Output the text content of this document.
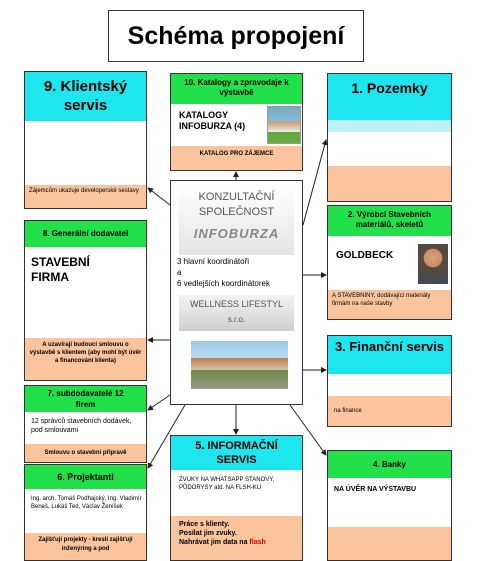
Schéma propojení
9. Klientský servis
Zájemcům ukazuje developerské sestavy
10. Katalogy a zpravodaje k výstavbě
KATALOGY INFOBURZA (4)
KATALOG PRO ZÁJEMCE
1. Pozemky
KONZULTAČNÍ
SPOLEČNOST
INFOBURZA
3 hlavní koordinátoři
a
6 vedlejších koordinátorek
WELLNESS LIFESTYL
s.r.o.
8. Generální dodavatel
STAVEBNÍ FIRMA
A uzavírají budoucí smlouvu o výstavbě s klientem (aby mohl být úvěr a financování klienta)
2. Výrobci Stavebních materiálů, skeletů
GOLDBECK
A STAVEBNINY, dodávající materiály firmám na naše stavby
7. subdodavatelé 12 firem
12 správců stavebních dodávek, pod smlouvami
Smlouvu o stavební přípravě
3. Finanční servis
na finance
6. Projektanti
Ing. arch. Tomáš Podhajský, Ing. Vladimír Beneš, Lukáš Ted, Václav Ženíšek
Zajišťují projekty - kreslí zajišťují inženýring a pod
5. INFORMAČNÍ SERVIS
ZVUKY NA WHATSAPP STANOVY, PŮDORYSY atd. NA FLSH-KU
Práce s klienty.
Posílat jim zvuky.
Nahrávat jim data na flash
4. Banky
NA ÚVĚR NA VÝSTAVBU
